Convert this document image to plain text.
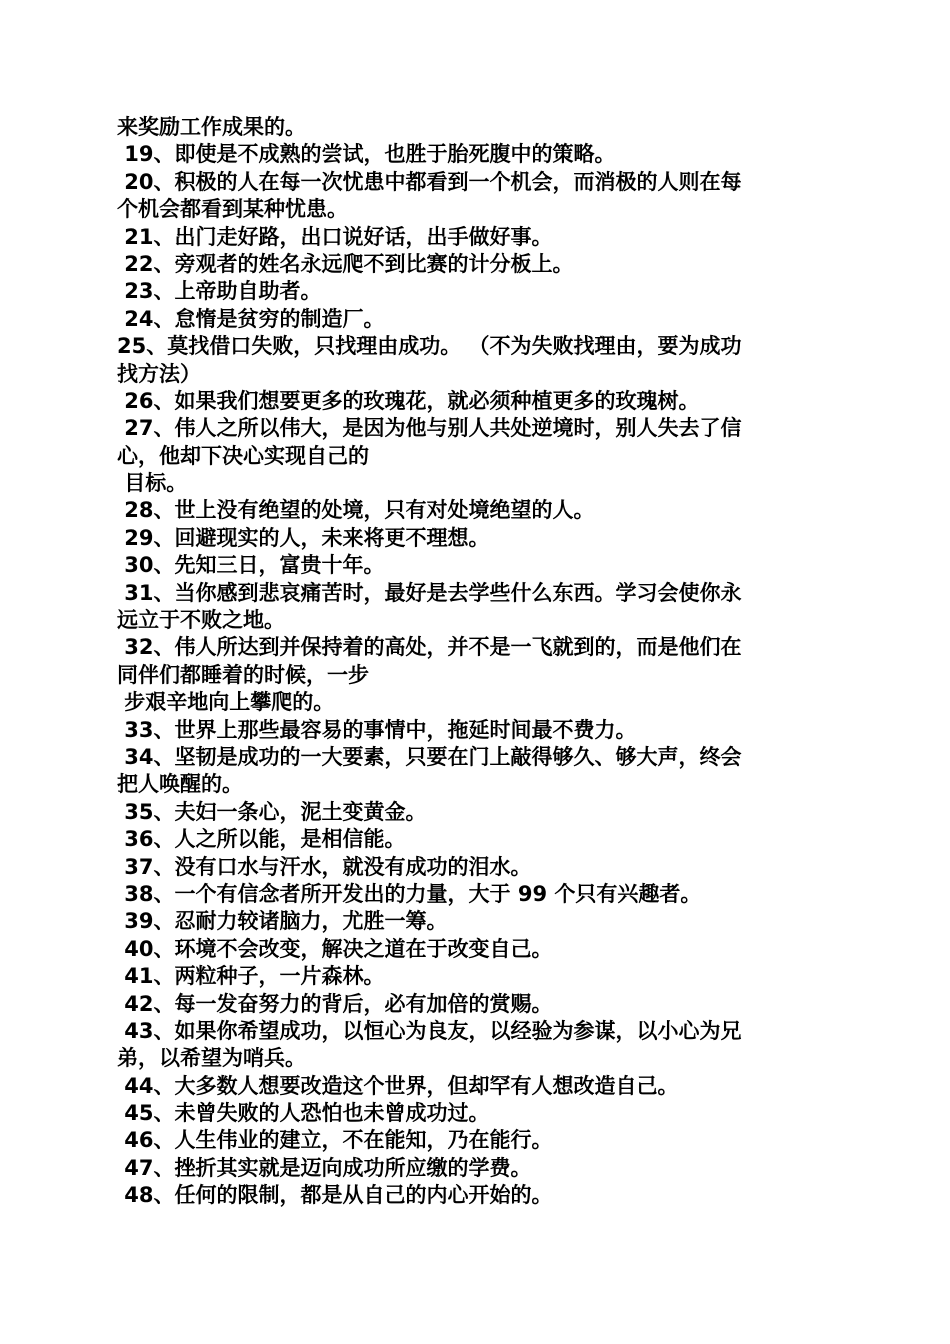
来奖励工作成果的。
19、即使是不成熟的尝试，也胜于胎死腹中的策略。
20、积极的人在每一次忧患中都看到一个机会，而消极的人则在每
个机会都看到某种忧患。
21、出门走好路，出口说好话，出手做好事。
22、旁观者的姓名永远爬不到比赛的计分板上。
23、上帝助自助者。
24、怠惰是贫穷的制造厂。
25、莫找借口失败，只找理由成功。 （不为失败找理由，要为成功
找方法）
26、如果我们想要更多的玫瑰花，就必须种植更多的玫瑰树。
27、伟人之所以伟大，是因为他与别人共处逆境时，别人失去了信
心，他却下决心实现自己的
目标。
28、世上没有绝望的处境，只有对处境绝望的人。
29、回避现实的人，未来将更不理想。
30、先知三日，富贵十年。
31、当你感到悲哀痛苦时，最好是去学些什么东西。学习会使你永
远立于不败之地。
32、伟人所达到并保持着的高处，并不是一飞就到的，而是他们在
同伴们都睡着的时候，一步
步艰辛地向上攀爬的。
33、世界上那些最容易的事情中，拖延时间最不费力。
34、坚韧是成功的一大要素，只要在门上敲得够久、够大声，终会
把人唤醒的。
35、夫妇一条心，泥土变黄金。
36、人之所以能，是相信能。
37、没有口水与汗水，就没有成功的泪水。
38、一个有信念者所开发出的力量，大于 99 个只有兴趣者。
39、忍耐力较诸脑力，尤胜一筹。
40、环境不会改变，解决之道在于改变自己。
41、两粒种子，一片森林。
42、每一发奋努力的背后，必有加倍的赏赐。
43、如果你希望成功，以恒心为良友，以经验为参谋，以小心为兄
弟，以希望为哨兵。
44、大多数人想要改造这个世界，但却罕有人想改造自己。
45、未曾失败的人恐怕也未曾成功过。
46、人生伟业的建立，不在能知，乃在能行。
47、挫折其实就是迈向成功所应缴的学费。
48、任何的限制，都是从自己的内心开始的。
